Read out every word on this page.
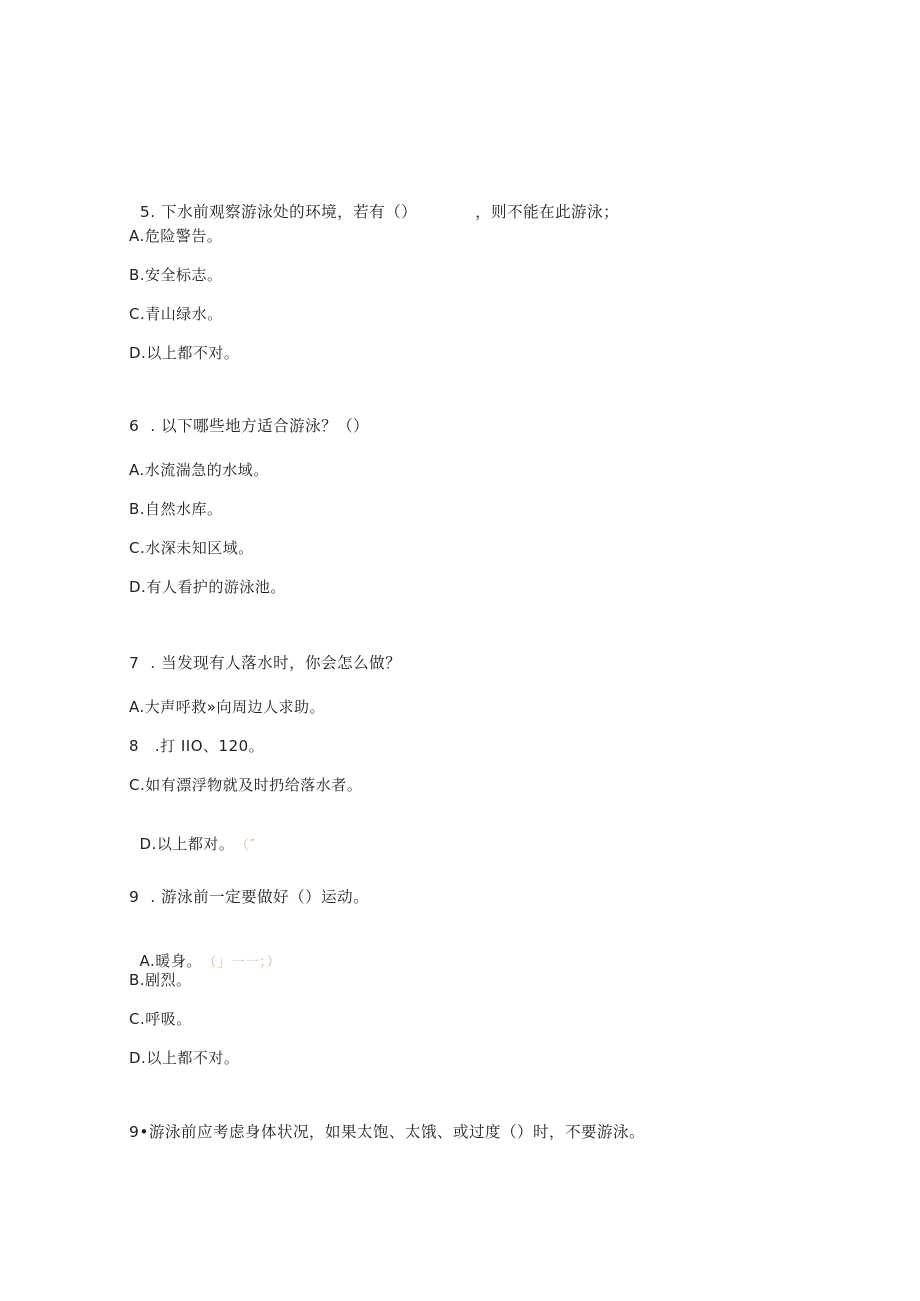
5. 下水前观察游泳处的环境，若有（）	，则不能在此游泳；

A.危险警告。
B.安全标志。
C.青山绿水。
D.以上都不对。
6  . 以下哪些地方适合游泳？（）
A.水流湍急的水域。
B.自然水库。
C.水深未知区域。
D.有人看护的游泳池。
7  . 当发现有人落水时，你会怎么做？
A.大声呼救»向周边人求助。
8   .打 IIO、120。
C.如有漂浮物就及时扔给落水者。

D.以上都对。 （″

9  . 游泳前一定要做好（）运动。

A.暖身。 （」一一；）

B.剧烈。
C.呼吸。
D.以上都不对。
9•游泳前应考虑身体状况，如果太饱、太饿、或过度（）时，不要游泳。
